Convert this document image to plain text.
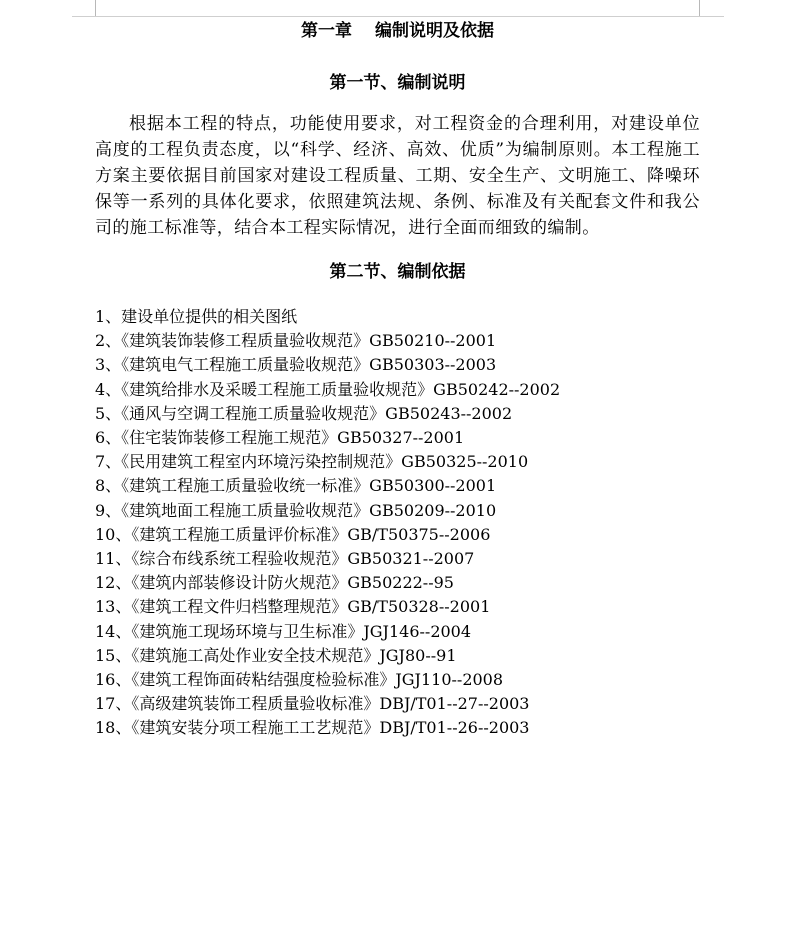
第一章　 编制说明及依据
第一节、编制说明

根据本工程的特点，功能使用要求，对工程资金的合理利用，对建设单位高度的工程负责态度，以“科学、经济、高效、优质”为编制原则。本工程施工方案主要依据目前国家对建设工程质量、工期、安全生产、文明施工、降噪环保等一系列的具体化要求，依照建筑法规、条例、标准及有关配套文件和我公司的施工标准等，结合本工程实际情况，进行全面而细致的编制。

第二节、编制依据
1、建设单位提供的相关图纸
2、《建筑装饰装修工程质量验收规范》GB50210--2001
3、《建筑电气工程施工质量验收规范》GB50303--2003
4、《建筑给排水及采暖工程施工质量验收规范》GB50242--2002
5、《通风与空调工程施工质量验收规范》GB50243--2002
6、《住宅装饰装修工程施工规范》GB50327--2001
7、《民用建筑工程室内环境污染控制规范》GB50325--2010
8、《建筑工程施工质量验收统一标准》GB50300--2001
9、《建筑地面工程施工质量验收规范》GB50209--2010
10、《建筑工程施工质量评价标准》GB/T50375--2006
11、《综合布线系统工程验收规范》GB50321--2007
12、《建筑内部装修设计防火规范》GB50222--95
13、《建筑工程文件归档整理规范》GB/T50328--2001
14、《建筑施工现场环境与卫生标准》JGJ146--2004
15、《建筑施工高处作业安全技术规范》JGJ80--91
16、《建筑工程饰面砖粘结强度检验标准》JGJ110--2008
17、《高级建筑装饰工程质量验收标准》DBJ/T01--27--2003
18、《建筑安装分项工程施工工艺规范》DBJ/T01--26--2003
